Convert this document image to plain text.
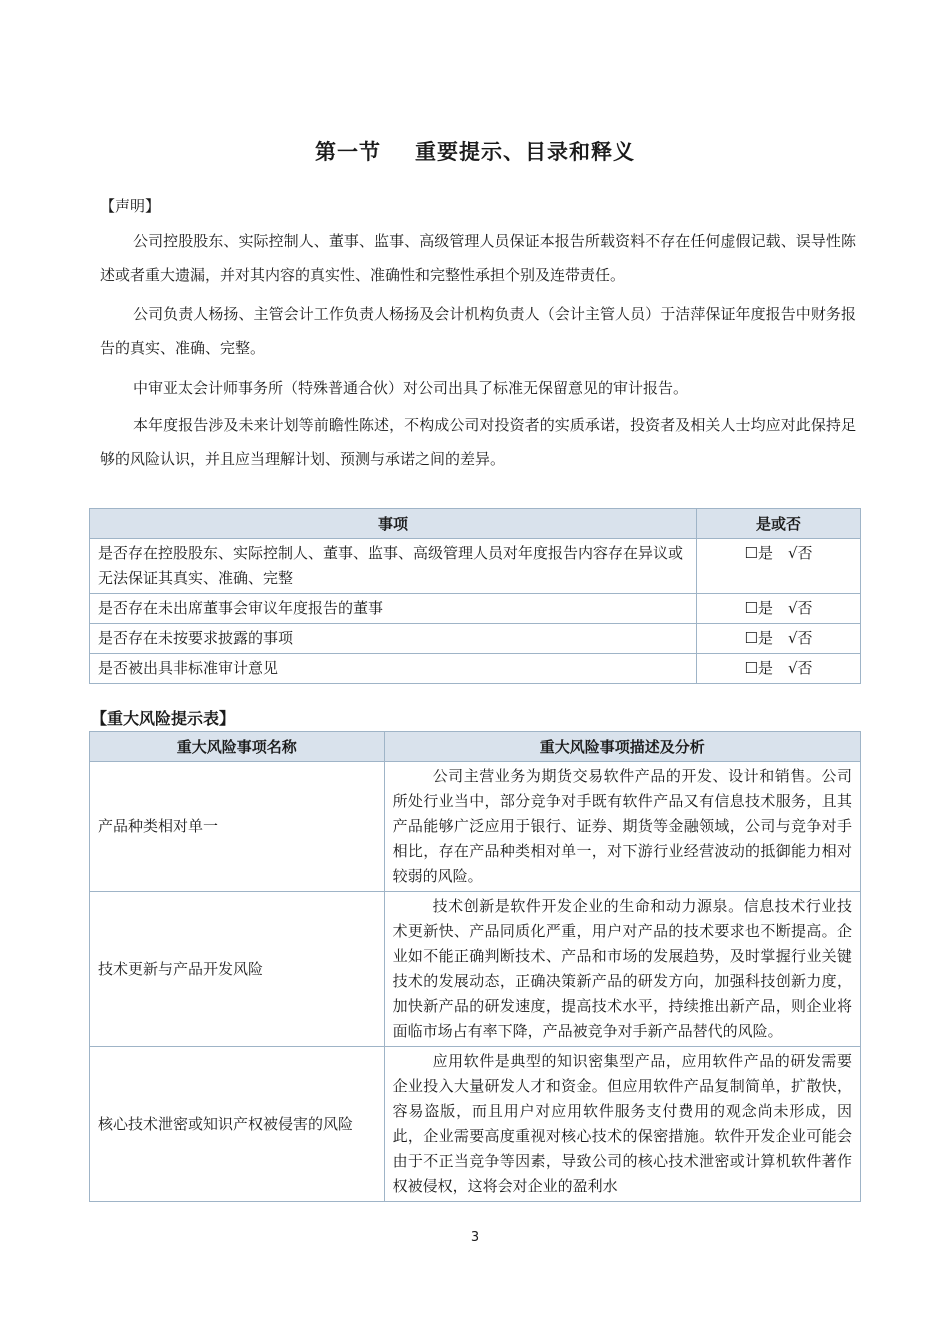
第一节 重要提示、目录和释义
【声明】
公司控股股东、实际控制人、董事、监事、高级管理人员保证本报告所载资料不存在任何虚假记载、误导性陈述或者重大遗漏，并对其内容的真实性、准确性和完整性承担个别及连带责任。
公司负责人杨扬、主管会计工作负责人杨扬及会计机构负责人（会计主管人员）于洁萍保证年度报告中财务报告的真实、准确、完整。
中审亚太会计师事务所（特殊普通合伙）对公司出具了标准无保留意见的审计报告。
本年度报告涉及未来计划等前瞻性陈述，不构成公司对投资者的实质承诺，投资者及相关人士均应对此保持足够的风险认识，并且应当理解计划、预测与承诺之间的差异。
事项	是或否
是否存在控股股东、实际控制人、董事、监事、高级管理人员对年度报告内容存在异议或无法保证其真实、准确、完整	☐是　√否
是否存在未出席董事会审议年度报告的董事	☐是　√否
是否存在未按要求披露的事项	☐是　√否
是否被出具非标准审计意见	☐是　√否
【重大风险提示表】
重大风险事项名称	重大风险事项描述及分析
产品种类相对单一	公司主营业务为期货交易软件产品的开发、设计和销售。公司所处行业当中，部分竞争对手既有软件产品又有信息技术服务，且其产品能够广泛应用于银行、证券、期货等金融领域，公司与竞争对手相比，存在产品种类相对单一，对下游行业经营波动的抵御能力相对较弱的风险。

技术更新与产品开发风险	技术创新是软件开发企业的生命和动力源泉。信息技术行业技术更新快、产品同质化严重，用户对产品的技术要求也不断提高。企业如不能正确判断技术、产品和市场的发展趋势，及时掌握行业关键技术的发展动态，正确决策新产品的研发方向，加强科技创新力度，加快新产品的研发速度，提高技术水平，持续推出新产品，则企业将面临市场占有率下降，产品被竞争对手新产品替代的风险。

核心技术泄密或知识产权被侵害的风险	应用软件是典型的知识密集型产品，应用软件产品的研发需要企业投入大量研发人才和资金。但应用软件产品复制简单，扩散快，容易盗版，而且用户对应用软件服务支付费用的观念尚未形成，因此，企业需要高度重视对核心技术的保密措施。软件开发企业可能会由于不正当竞争等因素，导致公司的核心技术泄密或计算机软件著作权被侵权，这将会对企业的盈利水
3
